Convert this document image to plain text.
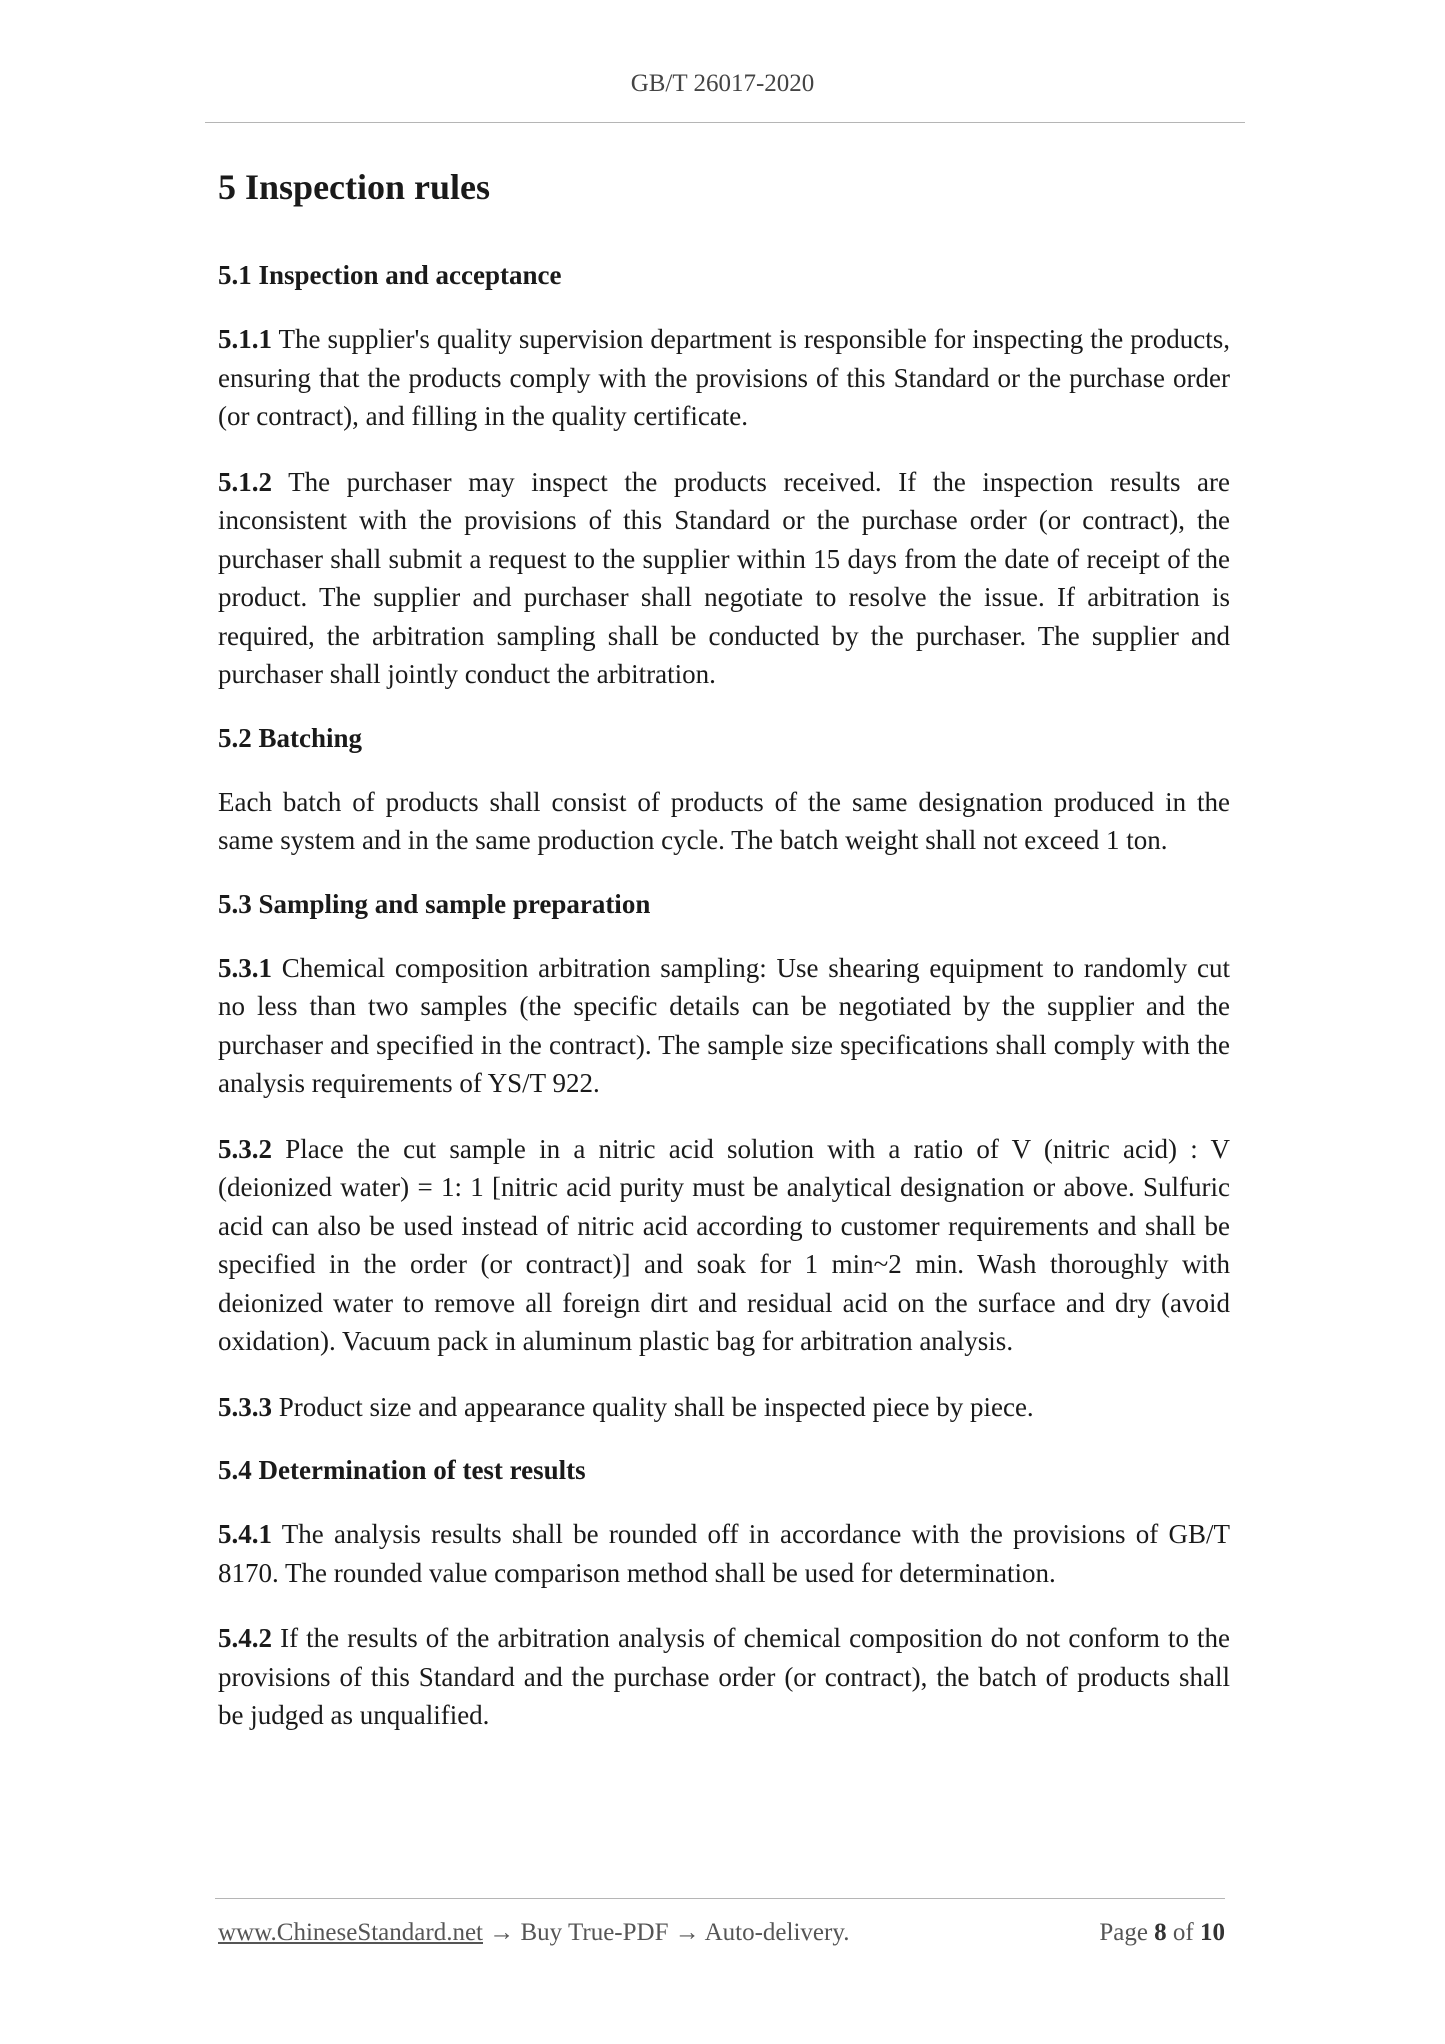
GB/T 26017-2020
5 Inspection rules
5.1 Inspection and acceptance

5.1.1 The supplier's quality supervision department is responsible for inspecting the products, ensuring that the products comply with the provisions of this Standard or the purchase order (or contract), and filling in the quality certificate.

5.1.2 The purchaser may inspect the products received. If the inspection results are inconsistent with the provisions of this Standard or the purchase order (or contract), the purchaser shall submit a request to the supplier within 15 days from the date of receipt of the product. The supplier and purchaser shall negotiate to resolve the issue. If arbitration is required, the arbitration sampling shall be conducted by the purchaser. The supplier and purchaser shall jointly conduct the arbitration.

5.2 Batching

Each batch of products shall consist of products of the same designation produced in the same system and in the same production cycle. The batch weight shall not exceed 1 ton.

5.3 Sampling and sample preparation

5.3.1 Chemical composition arbitration sampling: Use shearing equipment to randomly cut no less than two samples (the specific details can be negotiated by the supplier and the purchaser and specified in the contract). The sample size specifications shall comply with the analysis requirements of YS/T 922.

5.3.2 Place the cut sample in a nitric acid solution with a ratio of V (nitric acid) : V (deionized water) = 1: 1 [nitric acid purity must be analytical designation or above. Sulfuric acid can also be used instead of nitric acid according to customer requirements and shall be specified in the order (or contract)] and soak for 1 min~2 min. Wash thoroughly with deionized water to remove all foreign dirt and residual acid on the surface and dry (avoid oxidation). Vacuum pack in aluminum plastic bag for arbitration analysis.

5.3.3 Product size and appearance quality shall be inspected piece by piece.

5.4 Determination of test results

5.4.1 The analysis results shall be rounded off in accordance with the provisions of GB/T 8170. The rounded value comparison method shall be used for determination.

5.4.2 If the results of the arbitration analysis of chemical composition do not conform to the provisions of this Standard and the purchase order (or contract), the batch of products shall be judged as unqualified.

www.ChineseStandard.net → Buy True-PDF → Auto-delivery.	Page 8 of 10
